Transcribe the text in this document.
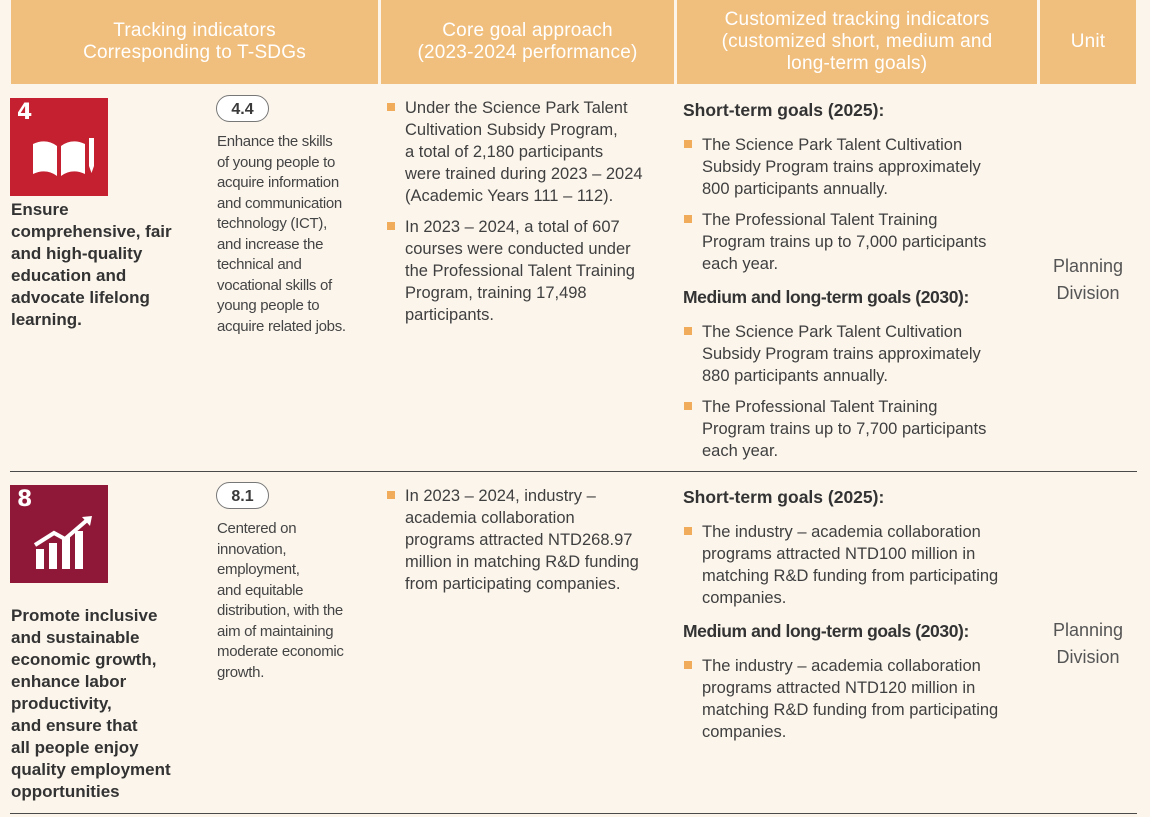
Tracking indicators
Corresponding to T-SDGs
Core goal approach
(2023-2024 performance)
Customized tracking indicators
(customized short, medium and
long-term goals)
Unit
4
Ensure
comprehensive, fair
and high-quality
education and
advocate lifelong
learning.
4.4
Enhance the skills
of young people to
acquire information
and communication
technology (ICT),
and increase the
technical and
vocational skills of
young people to
acquire related jobs.
Under the Science Park Talent
Cultivation Subsidy Program,
a total of 2,180 participants
were trained during 2023 – 2024
(Academic Years 111 – 112).
In 2023 – 2024, a total of 607
courses were conducted under
the Professional Talent Training
Program, training 17,498
participants.
Short-term goals (2025):
The Science Park Talent Cultivation
Subsidy Program trains approximately
800 participants annually.
The Professional Talent Training
Program trains up to 7,000 participants
each year.
Medium and long-term goals (2030):
The Science Park Talent Cultivation
Subsidy Program trains approximately
880 participants annually.
The Professional Talent Training
Program trains up to 7,700 participants
each year.
Planning
Division
8
Promote inclusive
and sustainable
economic growth,
enhance labor
productivity,
and ensure that
all people enjoy
quality employment
opportunities
8.1
Centered on
innovation,
employment,
and equitable
distribution, with the
aim of maintaining
moderate economic
growth.
In 2023 – 2024, industry –
academia collaboration
programs attracted NTD268.97
million in matching R&D funding
from participating companies.
Short-term goals (2025):
The industry – academia collaboration
programs attracted NTD100 million in
matching R&D funding from participating
companies.
Medium and long-term goals (2030):
The industry – academia collaboration
programs attracted NTD120 million in
matching R&D funding from participating
companies.
Planning
Division
